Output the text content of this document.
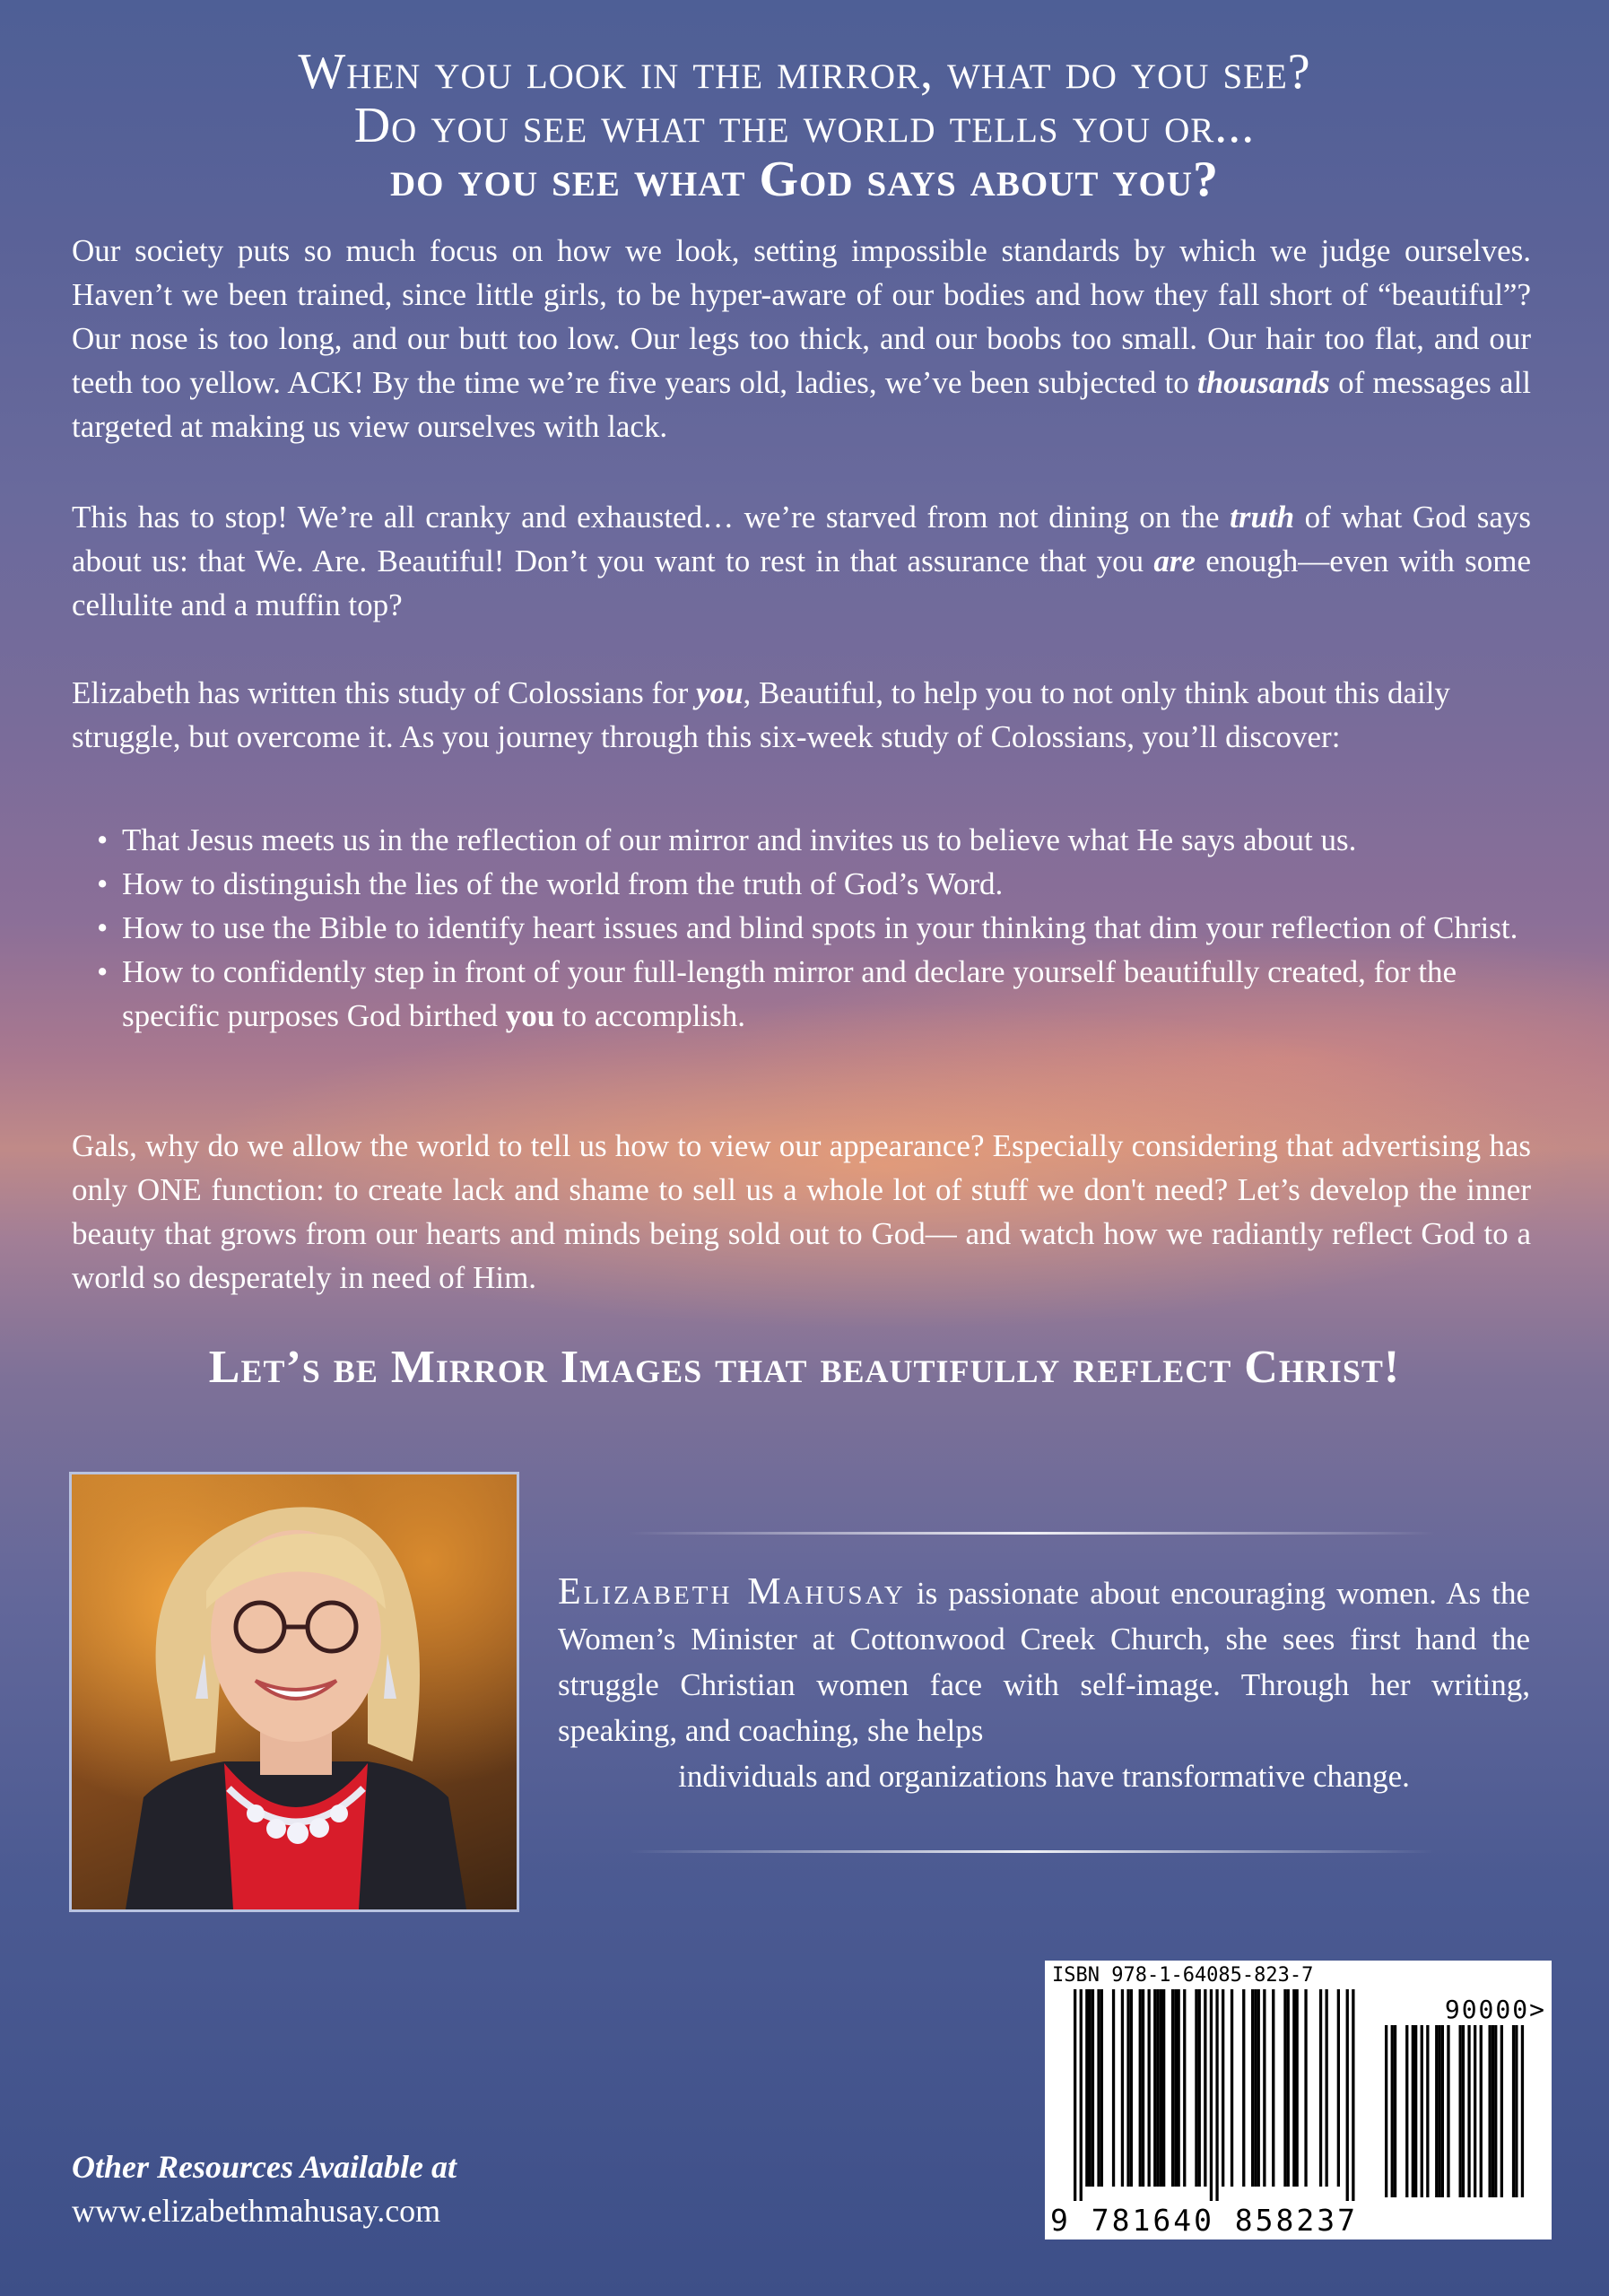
When you look in the mirror, what do you see?
Do you see what the world tells you or...
do you see what God says about you?

Our society puts so much focus on how we look, setting impossible standards by which we judge ourselves. Haven’t we been trained, since little girls, to be hyper-aware of our bodies and how they fall short of “beautiful”? Our nose is too long, and our butt too low. Our legs too thick, and our boobs too small. Our hair too flat, and our teeth too yellow. ACK! By the time we’re five years old, ladies, we’ve been subjected to thousands of messages all targeted at making us view ourselves with lack.

This has to stop! We’re all cranky and exhausted… we’re starved from not dining on the truth of what God says about us: that We. Are. Beautiful! Don’t you want to rest in that assurance that you are enough—even with some cellulite and a muffin top?

Elizabeth has written this study of Colossians for you, Beautiful, to help you to not only think about this daily struggle, but overcome it. As you journey through this six-week study of Colossians, you’ll discover:

• That Jesus meets us in the reflection of our mirror and invites us to believe what He says about us.
• How to distinguish the lies of the world from the truth of God’s Word.
• How to use the Bible to identify heart issues and blind spots in your thinking that dim your reflection of Christ.
• How to confidently step in front of your full-length mirror and declare yourself beautifully created, for the specific purposes God birthed you to accomplish.

Gals, why do we allow the world to tell us how to view our appearance? Especially considering that advertising has only ONE function: to create lack and shame to sell us a whole lot of stuff we don't need? Let’s develop the inner beauty that grows from our hearts and minds being sold out to God— and watch how we radiantly reflect God to a world so desperately in need of Him.

Let’s be Mirror Images that beautifully reflect Christ!
Elizabeth Mahusay is passionate about encouraging women. As the Women’s Minister at Cottonwood Creek Church, she sees first hand the struggle Christian women face with self-image. Through her writing, speaking, and coaching, she helps
individuals and organizations have transformative change.
Other Resources Available at
www.elizabethmahusay.com
ISBN 978-1-64085-823-7
90000>
9 781640 858237
